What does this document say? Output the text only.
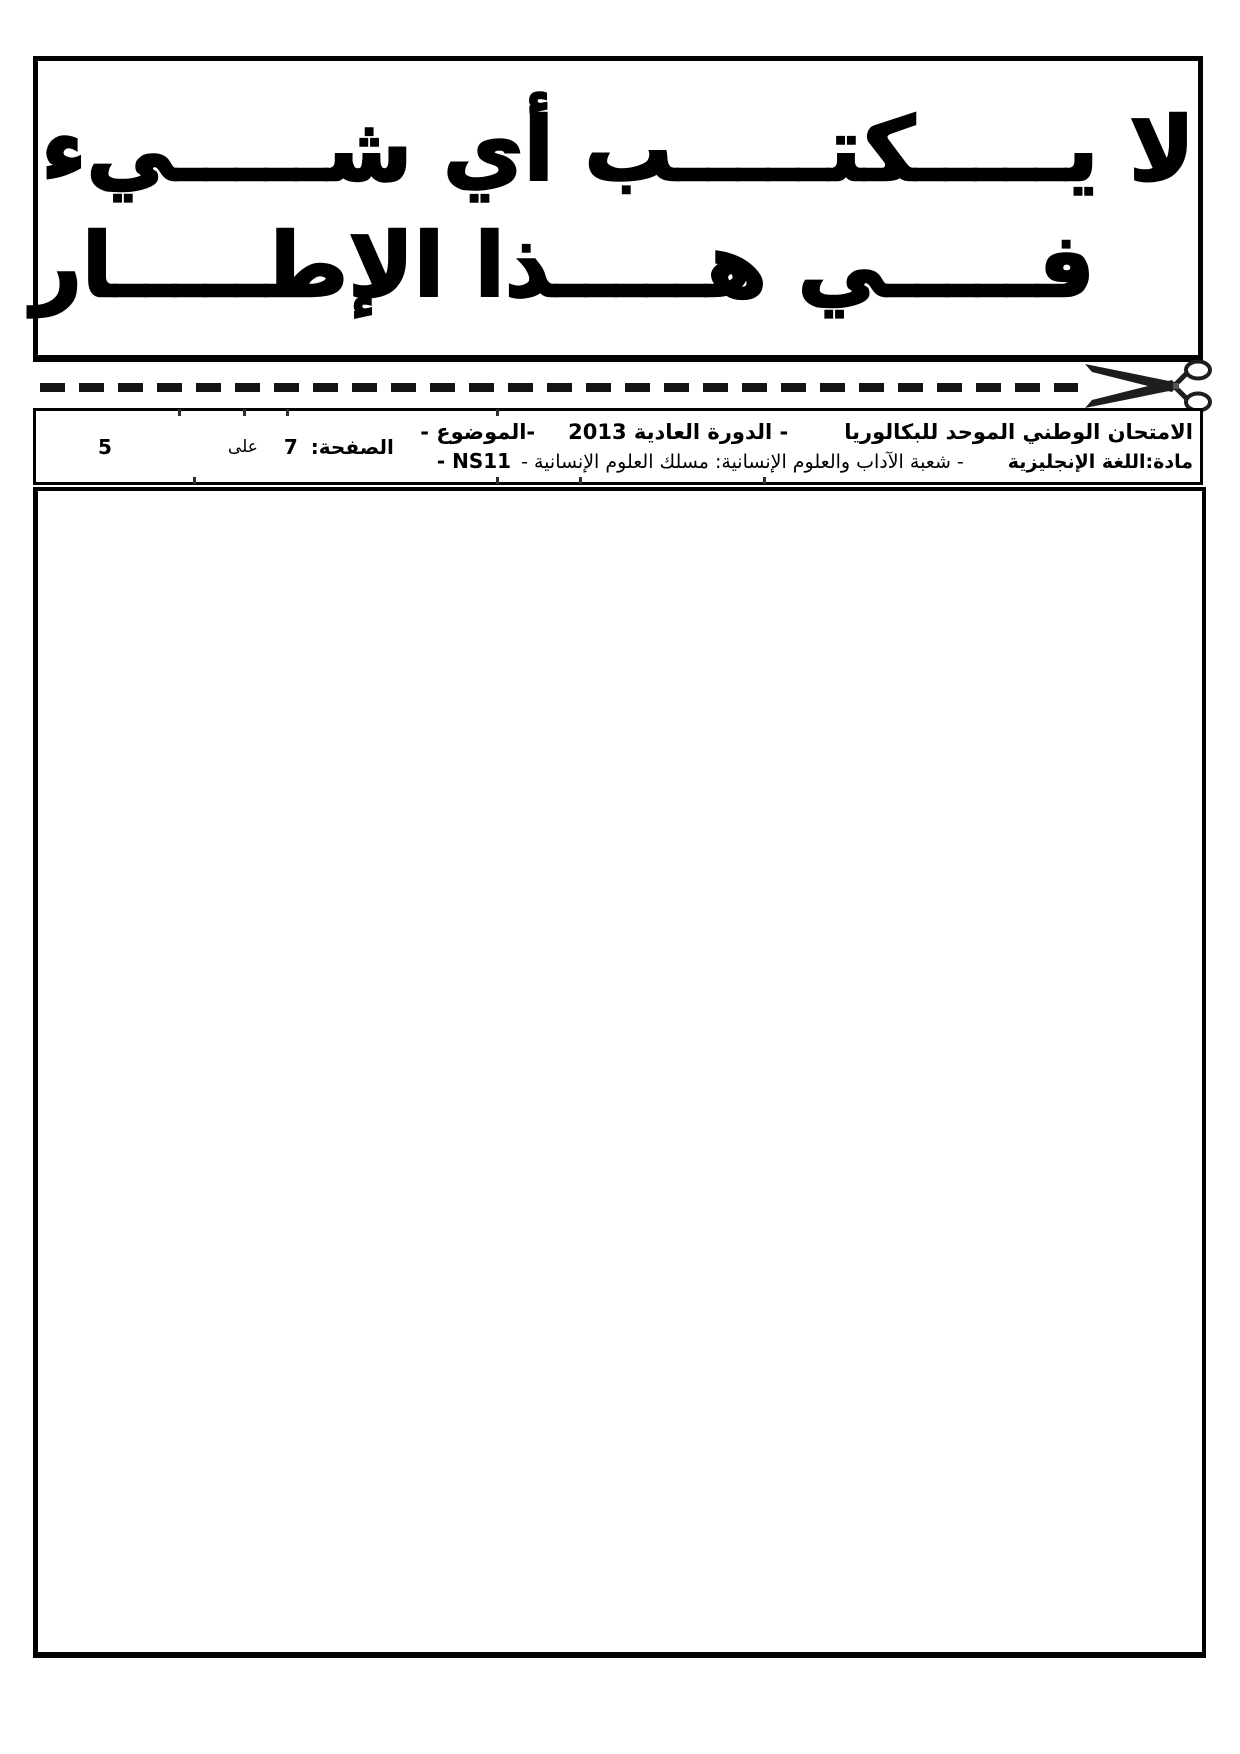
لا يـــــكتـــــب أي شـــــيء
فـــــي هـــــذا الإطـــــار
5	على 7 الصفحة:
الامتحان الوطني الموحد للبكالوريا
- الدورة العادية 2013
-الموضوع -
مادة:اللغة الإنجليزية
- شعبة الآداب والعلوم الإنسانية: مسلك العلوم الإنسانية -
NS11 -
